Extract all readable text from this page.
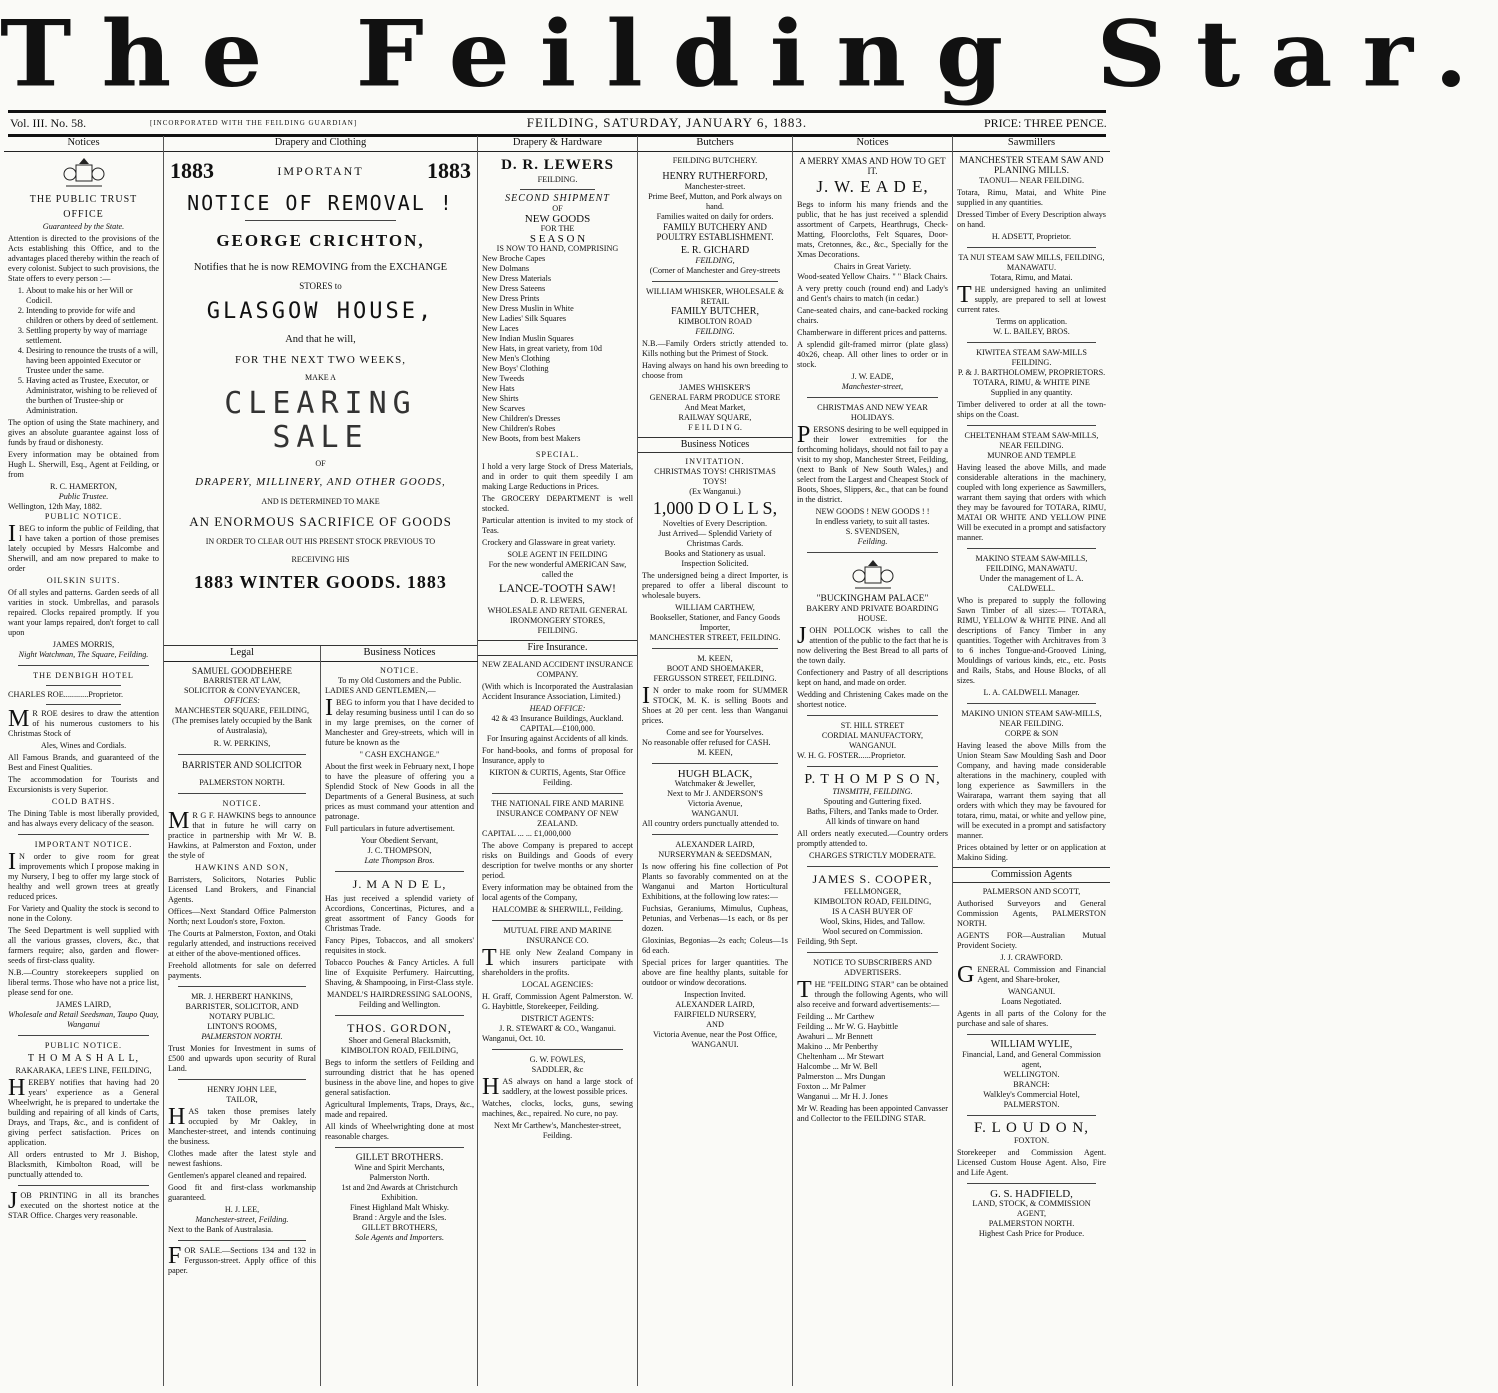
The Feilding Star.
Vol. III. No. 58.	[INCORPORATED WITH THE FEILDING GUARDIAN]	FEILDING, SATURDAY, JANUARY 6, 1883.	PRICE: THREE PENCE.
Notices
THE PUBLIC TRUST OFFICE
Guaranteed by the State.

Attention is directed to the provisions of the Acts establishing this Office, and to the advantages placed thereby within the reach of every colonist. Subject to such provisions, the State offers to every person :—

1. About to make his or her Will or Codicil.
2. Intending to provide for wife and children or others by deed of settlement.
3. Settling property by way of marriage settlement.
4. Desiring to renounce the trusts of a will, having been appointed Executor or Trustee under the same.
5. Having acted as Trustee, Executor, or Administrator, wishing to be relieved of the burthen of Trustee-ship or Administration.

The option of using the State machinery, and gives an absolute guarantee against loss of funds by fraud or dishonesty.

Every information may be obtained from Hugh L. Sherwill, Esq., Agent at Feilding, or from

R. C. HAMERTON,
Public Trustee.
Wellington, 12th May, 1882.
PUBLIC NOTICE.

IBEG to inform the public of Feilding, that I have taken a portion of those premises lately occupied by Messrs Halcombe and Sherwill, and am now prepared to make to order

OILSKIN SUITS.

Of all styles and patterns. Garden seeds of all varities in stock. Umbrellas, and parasols repaired. Clocks repaired promptly. If you want your lamps repaired, don't forget to call upon

JAMES MORRIS,
Night Watchman, The Square, Feilding.
THE DENBIGH HOTEL
CHARLES ROE............Proprietor.

MR ROE desires to draw the attention of his numerous customers to his Christmas Stock of

Ales, Wines and Cordials.

All Famous Brands, and guaranteed of the Best and Finest Qualities.

The accommodation for Tourists and Excursionists is very Superior.

COLD BATHS.

The Dining Table is most liberally provided, and has always every delicacy of the season.

IMPORTANT NOTICE.

IN order to give room for great improvements which I propose making in my Nursery, I beg to offer my large stock of healthy and well grown trees at greatly reduced prices.

For Variety and Quality the stock is second to none in the Colony.

The Seed Department is well supplied with all the various grasses, clovers, &c., that farmers require; also, garden and flower-seeds of first-class quality.

N.B.—Country storekeepers supplied on liberal terms. Those who have not a price list, please send for one.

JAMES LAIRD,
Wholesale and Retail Seedsman, Taupo Quay, Wanganui
PUBLIC NOTICE.
T H O M A S H A L L,
RAKARAKA, LEE'S LINE, FEILDING,

HEREBY notifies that having had 20 years' experience as a General Wheelwright, he is prepared to undertake the building and repairing of all kinds of Carts, Drays, and Traps, &c., and is confident of giving perfect satisfaction. Prices on application.

All orders entrusted to Mr J. Bishop, Blacksmith, Kimbolton Road, will be punctually attended to.

JOB PRINTING in all its branches executed on the shortest notice at the STAR Office. Charges very reasonable.

Drapery and Clothing
1883	IMPORTANT	1883
NOTICE OF REMOVAL !
GEORGE CRICHTON,
Notifies that he is now REMOVING from the EXCHANGE
STORES to
GLASGOW HOUSE,
And that he will,
FOR THE NEXT TWO WEEKS,
MAKE A
CLEARING SALE
OF
DRAPERY, MILLINERY, AND OTHER GOODS,
AND IS DETERMINED TO MAKE
AN ENORMOUS SACRIFICE OF GOODS
IN ORDER TO CLEAR OUT HIS PRESENT STOCK PREVIOUS TO
RECEIVING HIS
1883 WINTER GOODS. 1883
Legal
SAMUEL GOODBEHERE
BARRISTER AT LAW,
SOLICITOR & CONVEYANCER,
OFFICES:
MANCHESTER SQUARE, FEILDING,
(The premises lately occupied by the Bank of Australasia),
R. W. PERKINS,
BARRISTER AND SOLICITOR
PALMERSTON NORTH.
NOTICE.

MR G F. HAWKINS begs to announce that in future he will carry on practice in partnership with Mr W. B. Hawkins, at Palmerston and Foxton, under the style of

HAWKINS AND SON,

Barristers, Solicitors, Notaries Public Licensed Land Brokers, and Financial Agents.

Offices—Next Standard Office Palmerston North; next Loudon's store, Foxton.

The Courts at Palmerston, Foxton, and Otaki regularly attended, and instructions received at either of the above-mentioned offices.

Freehold allotments for sale on deferred payments.

MR. J. HERBERT HANKINS,
BARRISTER, SOLICITOR, AND NOTARY PUBLIC.
LINTON'S ROOMS,
PALMERSTON NORTH.

Trust Monies for Investment in sums of £500 and upwards upon security of Rural Land.

HENRY JOHN LEE,
TAILOR,

HAS taken those premises lately occupied by Mr Oakley, in Manchester-street, and intends continuing the business.

Clothes made after the latest style and newest fashions.

Gentlemen's apparel cleaned and repaired.

Good fit and first-class workmanship guaranteed.

H. J. LEE,
Manchester-street, Feilding.
Next to the Bank of Australasia.

FOR SALE.—Sections 134 and 132 in Fergusson-street. Apply office of this paper.

Business Notices
NOTICE.
To my Old Customers and the Public.
LADIES AND GENTLEMEN,—

IBEG to inform you that I have decided to delay resuming business until I can do so in my large premises, on the corner of Manchester and Grey-streets, which will in future be known as the

" CASH EXCHANGE."

About the first week in February next, I hope to have the pleasure of offering you a Splendid Stock of New Goods in all the Departments of a General Business, at such prices as must command your attention and patronage.

Full particulars in future advertisement.

Your Obedient Servant,
J. C. THOMPSON,
Late Thompson Bros.
J. M A N D E L,

Has just received a splendid variety of Accordions, Concertinas, Pictures, and a great assortment of Fancy Goods for Christmas Trade.

Fancy Pipes, Tobaccos, and all smokers' requisites in stock.

Tobacco Pouches & Fancy Articles. A full line of Exquisite Perfumery. Haircutting, Shaving, & Shampooing, in First-Class style.

MANDEL'S HAIRDRESSING SALOONS, Feilding and Wellington.
THOS. GORDON,
Shoer and General Blacksmith,
KIMBOLTON ROAD, FEILDING,

Begs to inform the settlers of Feilding and surrounding district that he has opened business in the above line, and hopes to give general satisfaction.

Agricultural Implements, Traps, Drays, &c., made and repaired.

All kinds of Wheelwrighting done at most reasonable charges.

GILLET BROTHERS.
Wine and Spirit Merchants,
Palmerston North.
1st and 2nd Awards at Christchurch Exhibition.
Finest Highland Malt Whisky.
Brand : Argyle and the Isles.
GILLET BROTHERS,
Sole Agents and Importers.
Drapery & Hardware
D. R. LEWERS
FEILDING.
SECOND SHIPMENT
OF
NEW GOODS
FOR THE
S E A S O N
IS NOW TO HAND, COMPRISING
New Broche Capes
New Dolmans
New Dress Materials
New Dress Sateens
New Dress Prints
New Dress Muslin in White
New Ladies' Silk Squares
New Laces
New Indian Muslin Squares
New Hats, in great variety, from 10d
New Men's Clothing
New Boys' Clothing
New Tweeds
New Hats
New Shirts
New Scarves
New Children's Dresses
New Children's Robes
New Boots, from best Makers
SPECIAL.

I hold a very large Stock of Dress Materials, and in order to quit them speedily I am making Large Reductions in Prices.

The GROCERY DEPARTMENT is well stocked.

Particular attention is invited to my stock of Teas.

Crockery and Glassware in great variety.

SOLE AGENT IN FEILDING
For the new wonderful AMERICAN Saw, called the
LANCE-TOOTH SAW!
D. R. LEWERS,
WHOLESALE AND RETAIL GENERAL IRONMONGERY STORES,
FEILDING.
Fire Insurance.
NEW ZEALAND ACCIDENT INSURANCE COMPANY.

(With which is Incorporated the Australasian Accident Insurance Association, Limited.)

HEAD OFFICE:
42 & 43 Insurance Buildings, Auckland.
CAPITAL—£100,000.
For Insuring against Accidents of all kinds.

For hand-books, and forms of proposal for Insurance, apply to

KIRTON & CURTIS, Agents, Star Office Feilding.
THE NATIONAL FIRE AND MARINE INSURANCE COMPANY OF NEW ZEALAND.
CAPITAL ... ... £1,000,000

The above Company is prepared to accept risks on Buildings and Goods of every description for twelve months or any shorter period.

Every information may be obtained from the local agents of the Company,

HALCOMBE & SHERWILL, Feilding.
MUTUAL FIRE AND MARINE INSURANCE CO.

THE only New Zealand Company in which insurers participate with shareholders in the profits.

LOCAL AGENCIES:

H. Graff, Commission Agent Palmerston. W. G. Haybittle, Storekeeper, Feilding.

DISTRICT AGENTS:
J. R. STEWART & CO., Wanganui.
Wanganui, Oct. 10.
G. W. FOWLES,
SADDLER, &c

HAS always on hand a large stock of saddlery, at the lowest possible prices.

Watches, clocks, locks, guns, sewing machines, &c., repaired. No cure, no pay.

Next Mr Carthew's, Manchester-street, Feilding.
Butchers
FEILDING BUTCHERY.
HENRY RUTHERFORD,
Manchester-street.
Prime Beef, Mutton, and Pork always on hand.
Families waited on daily for orders.
FAMILY BUTCHERY AND POULTRY ESTABLISHMENT.
E. R. GICHARD
FEILDING,
(Corner of Manchester and Grey-streets
WILLIAM WHISKER, WHOLESALE & RETAIL
FAMILY BUTCHER,
KIMBOLTON ROAD
FEILDING.

N.B.—Family Orders strictly attended to. Kills nothing but the Primest of Stock.

Having always on hand his own breeding to choose from

JAMES WHISKER'S
GENERAL FARM PRODUCE STORE
And Meat Market,
RAILWAY SQUARE,
F E I L D I N G.
Business Notices
INVITATION.
CHRISTMAS TOYS! CHRISTMAS TOYS!
(Ex Wanganui.)
1,000 D O L L S,
Novelties of Every Description.
Just Arrived— Splendid Variety of Christmas Cards.
Books and Stationery as usual.
Inspection Solicited.

The undersigned being a direct Importer, is prepared to offer a liberal discount to wholesale buyers.

WILLIAM CARTHEW,
Bookseller, Stationer, and Fancy Goods Importer,
MANCHESTER STREET, FEILDING.
M. KEEN,
BOOT AND SHOEMAKER,
FERGUSSON STREET, FEILDING.

IN order to make room for SUMMER STOCK, M. K. is selling Boots and Shoes at 20 per cent. less than Wanganui prices.

Come and see for Yourselves.
No reasonable offer refused for CASH.
M. KEEN,
HUGH BLACK,
Watchmaker & Jeweller,
Next to Mr J. ANDERSON'S
Victoria Avenue,
WANGANUI.
All country orders punctually attended to.
ALEXANDER LAIRD,
NURSERYMAN & SEEDSMAN,

Is now offering his fine collection of Pot Plants so favorably commented on at the Wanganui and Marton Horticultural Exhibitions, at the following low rates:—

Fuchsias, Geraniums, Mimulus, Cupheas, Petunias, and Verbenas—1s each, or 8s per dozen.

Gloxinias, Begonias—2s each; Coleus—1s 6d each.

Special prices for larger quantities. The above are fine healthy plants, suitable for outdoor or window decorations.

Inspection Invited.
ALEXANDER LAIRD,
FAIRFIELD NURSERY,
AND
Victoria Avenue, near the Post Office,
WANGANUI.
Notices
A MERRY XMAS AND HOW TO GET IT.
J. W. E A D E,

Begs to inform his many friends and the public, that he has just received a splendid assortment of Carpets, Hearthrugs, Check-Matting, Floorcloths, Felt Squares, Door-mats, Cretonnes, &c., &c., Specially for the Xmas Decorations.

Chairs in Great Variety.
Wood-seated Yellow Chairs. " " Black Chairs.

A very pretty couch (round end) and Lady's and Gent's chairs to match (in cedar.)

Cane-seated chairs, and cane-backed rocking chairs.

Chamberware in different prices and patterns.

A splendid gilt-framed mirror (plate glass) 40x26, cheap. All other lines to order or in stock.

J. W. EADE,
Manchester-street,
CHRISTMAS AND NEW YEAR HOLIDAYS.

PERSONS desiring to be well equipped in their lower extremities for the forthcoming holidays, should not fail to pay a visit to my shop, Manchester Street, Feilding, (next to Bank of New South Wales,) and select from the Largest and Cheapest Stock of Boots, Shoes, Slippers, &c., that can be found in the district.

NEW GOODS ! NEW GOODS ! !
In endless variety, to suit all tastes.
S. SVENDSEN,
Feilding.
"BUCKINGHAM PALACE"
BAKERY AND PRIVATE BOARDING HOUSE.

JOHN POLLOCK wishes to call the attention of the public to the fact that he is now delivering the Best Bread to all parts of the town daily.

Confectionery and Pastry of all descriptions kept on hand, and made on order.

Wedding and Christening Cakes made on the shortest notice.

ST. HILL STREET
CORDIAL MANUFACTORY,
WANGANUI.
W. H. G. FOSTER......Proprietor.
P. T H O M P S O N,
TINSMITH, FEILDING.
Spouting and Guttering fixed.
Baths, Filters, and Tanks made to Order.
All kinds of tinware on hand

All orders neatly executed.—Country orders promptly attended to.

CHARGES STRICTLY MODERATE.
JAMES S. COOPER,
FELLMONGER,
KIMBOLTON ROAD, FEILDING,
IS A CASH BUYER OF
Wool, Skins, Hides, and Tallow.
Wool secured on Commission.
Feilding, 9th Sept.
NOTICE TO SUBSCRIBERS AND ADVERTISERS.

THE "FEILDING STAR" can be obtained through the following Agents, who will also receive and forward advertisements:—

Feilding ... Mr Carthew
Feilding ... Mr W. G. Haybittle
Awahuri ... Mr Bennett
Makino ... Mr Penberthy
Cheltenham ... Mr Stewart
Halcombe ... Mr W. Bell
Palmerston ... Mrs Dungan
Foxton ... Mr Palmer
Wanganui ... Mr H. J. Jones

Mr W. Reading has been appointed Canvasser and Collector to the FEILDING STAR.

Sawmillers
MANCHESTER STEAM SAW AND PLANING MILLS.
TAONUI— NEAR FEILDING.

Totara, Rimu, Matai, and White Pine supplied in any quantities.

Dressed Timber of Every Description always on hand.

H. ADSETT, Proprietor.
TA NUI STEAM SAW MILLS, FEILDING, MANAWATU.
Totara, Rimu, and Matai.

THE undersigned having an unlimited supply, are prepared to sell at lowest current rates.

Terms on application.
W. L. BAILEY, BROS.
KIWITEA STEAM SAW-MILLS FEILDING.
P. & J. BARTHOLOMEW, PROPRIETORS.
TOTARA, RIMU, & WHITE PINE
Supplied in any quantity.

Timber delivered to order at all the town-ships on the Coast.

CHELTENHAM STEAM SAW-MILLS, NEAR FEILDING.
MUNROE AND TEMPLE

Having leased the above Mills, and made considerable alterations in the machinery, coupled with long experience as Sawmillers, warrant them saying that orders with which they may be favoured for TOTARA, RIMU, MATAI OR WHITE AND YELLOW PINE Will be executed in a prompt and satisfactory manner.

MAKINO STEAM SAW-MILLS, FEILDING, MANAWATU.
Under the management of L. A. CALDWELL.

Who is prepared to supply the following Sawn Timber of all sizes:— TOTARA, RIMU, YELLOW & WHITE PINE. And all descriptions of Fancy Timber in any quantities. Together with Architraves from 3 to 6 inches Tongue-and-Grooved Lining, Mouldings of various kinds, etc., etc. Posts and Rails, Stabs, and House Blocks, of all sizes.

L. A. CALDWELL Manager.
MAKINO UNION STEAM SAW-MILLS, NEAR FEILDING.
CORPE & SON

Having leased the above Mills from the Union Steam Saw Moulding Sash and Door Company, and having made considerable alterations in the machinery, coupled with long experience as Sawmillers in the Wairarapa, warrant them saying that all orders with which they may be favoured for totara, rimu, matai, or white and yellow pine, will be executed in a prompt and satisfactory manner.

Prices obtained by letter or on application at Makino Siding.

Commission Agents
PALMERSON AND SCOTT,

Authorised Surveyors and General Commission Agents, PALMERSTON NORTH.

AGENTS FOR—Australian Mutual Provident Society.

J. J. CRAWFORD.

GENERAL Commission and Financial Agent, and Share-broker,

WANGANUI.
Loans Negotiated.

Agents in all parts of the Colony for the purchase and sale of shares.

WILLIAM WYLIE,
Financial, Land, and General Commission agent,
WELLINGTON.
BRANCH:
Walkley's Commercial Hotel, PALMERSTON.
F. L O U D O N,
FOXTON.

Storekeeper and Commission Agent. Licensed Custom House Agent. Also, Fire and Life Agent.

G. S. HADFIELD,
LAND, STOCK, & COMMISSION AGENT,
PALMERSTON NORTH.
Highest Cash Price for Produce.
